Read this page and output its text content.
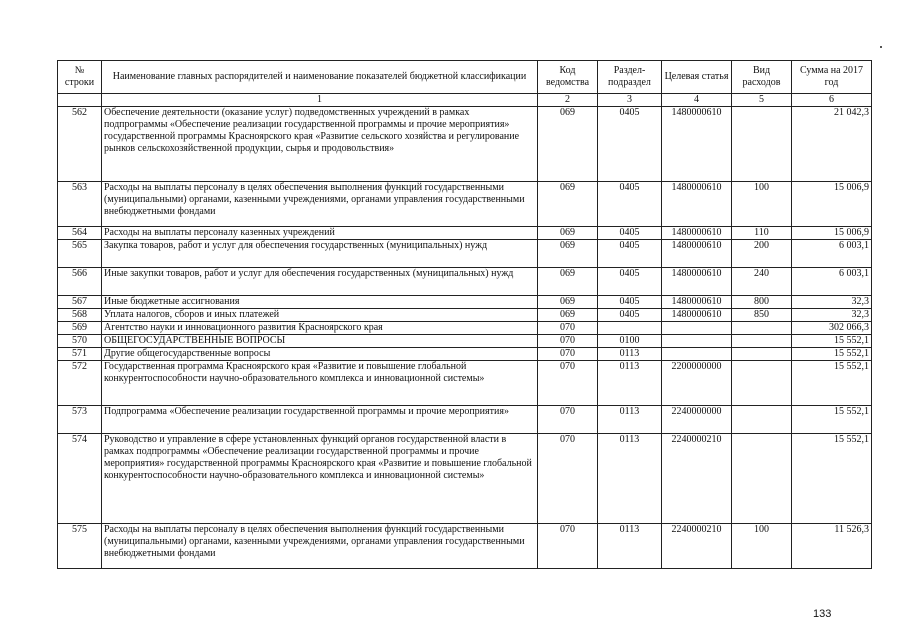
№ строки	Наименование главных распорядителей и наименование показателей бюджетной классификации	Код ведомства	Раздел-подраздел	Целевая статья	Вид расходов	Сумма на 2017 год
	1	2	3	4	5	6
562	Обеспечение деятельности (оказание услуг) подведомственных учреждений в рамках подпрограммы «Обеспечение реализации государственной программы и прочие мероприятия» государственной программы Красноярского края «Развитие сельского хозяйства и регулирование рынков сельскохозяйственной продукции, сырья и продовольствия»	069	0405	1480000610		21 042,3
563	Расходы на выплаты персоналу в целях обеспечения выполнения функций государственными (муниципальными) органами, казенными учреждениями, органами управления государственными внебюджетными фондами	069	0405	1480000610	100	15 006,9
564	Расходы на выплаты персоналу казенных учреждений	069	0405	1480000610	110	15 006,9
565	Закупка товаров, работ и услуг для обеспечения государственных (муниципальных) нужд	069	0405	1480000610	200	6 003,1
566	Иные закупки товаров, работ и услуг для обеспечения государственных (муниципальных) нужд	069	0405	1480000610	240	6 003,1
567	Иные бюджетные ассигнования	069	0405	1480000610	800	32,3
568	Уплата налогов, сборов и иных платежей	069	0405	1480000610	850	32,3
569	Агентство науки и инновационного развития Красноярского края	070				302 066,3
570	ОБЩЕГОСУДАРСТВЕННЫЕ ВОПРОСЫ	070	0100			15 552,1
571	Другие общегосударственные вопросы	070	0113			15 552,1
572	Государственная программа Красноярского края «Развитие и повышение глобальной конкурентоспособности научно-образовательного комплекса и инновационной системы»	070	0113	2200000000		15 552,1
573	Подпрограмма «Обеспечение реализации государственной программы и прочие мероприятия»	070	0113	2240000000		15 552,1
574	Руководство и управление в сфере установленных функций органов государственной власти в рамках подпрограммы «Обеспечение реализации государственной программы и прочие мероприятия» государственной программы Красноярского края «Развитие и повышение глобальной конкурентоспособности научно-образовательного комплекса и инновационной системы»	070	0113	2240000210		15 552,1
575	Расходы на выплаты персоналу в целях обеспечения выполнения функций государственными (муниципальными) органами, казенными учреждениями, органами управления государственными внебюджетными фондами	070	0113	2240000210	100	11 526,3
133
